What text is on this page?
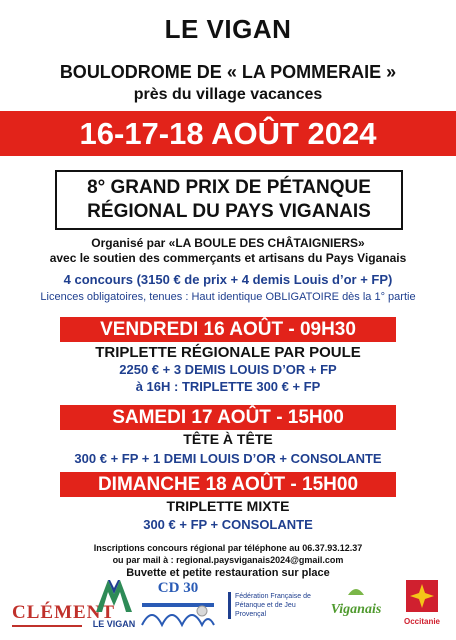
LE VIGAN
BOULODROME DE « LA POMMERAIE »
près du village vacances
16-17-18 AOÛT 2024
8° GRAND PRIX DE PÉTANQUE
RÉGIONAL DU PAYS VIGANAIS
Organisé par «LA BOULE DES CHÂTAIGNIERS»
avec le soutien des commerçants et artisans du Pays Viganais
4 concours (3150 € de prix + 4 demis Louis d’or + FP)
Licences obligatoires, tenues : Haut identique OBLIGATOIRE dès la 1° partie
VENDREDI 16 AOÛT - 09H30
TRIPLETTE RÉGIONALE PAR POULE
2250 € + 3 DEMIS LOUIS D’OR + FP
à 16H : TRIPLETTE 300 € + FP
SAMEDI 17 AOÛT - 15H00
TÊTE À TÊTE
300 € + FP + 1 DEMI LOUIS D’OR + CONSOLANTE
DIMANCHE 18 AOÛT - 15H00
TRIPLETTE MIXTE
300 € + FP + CONSOLANTE
Inscriptions concours régional par téléphone au 06.37.93.12.37
ou par mail à : regional.paysviganais2024@gmail.com
Buvette et petite restauration sur place
CLÉMENT
LE VIGAN
CD 30
Fédération Française de Pétanque et de Jeu Provençal	Viganais
Occitanie
